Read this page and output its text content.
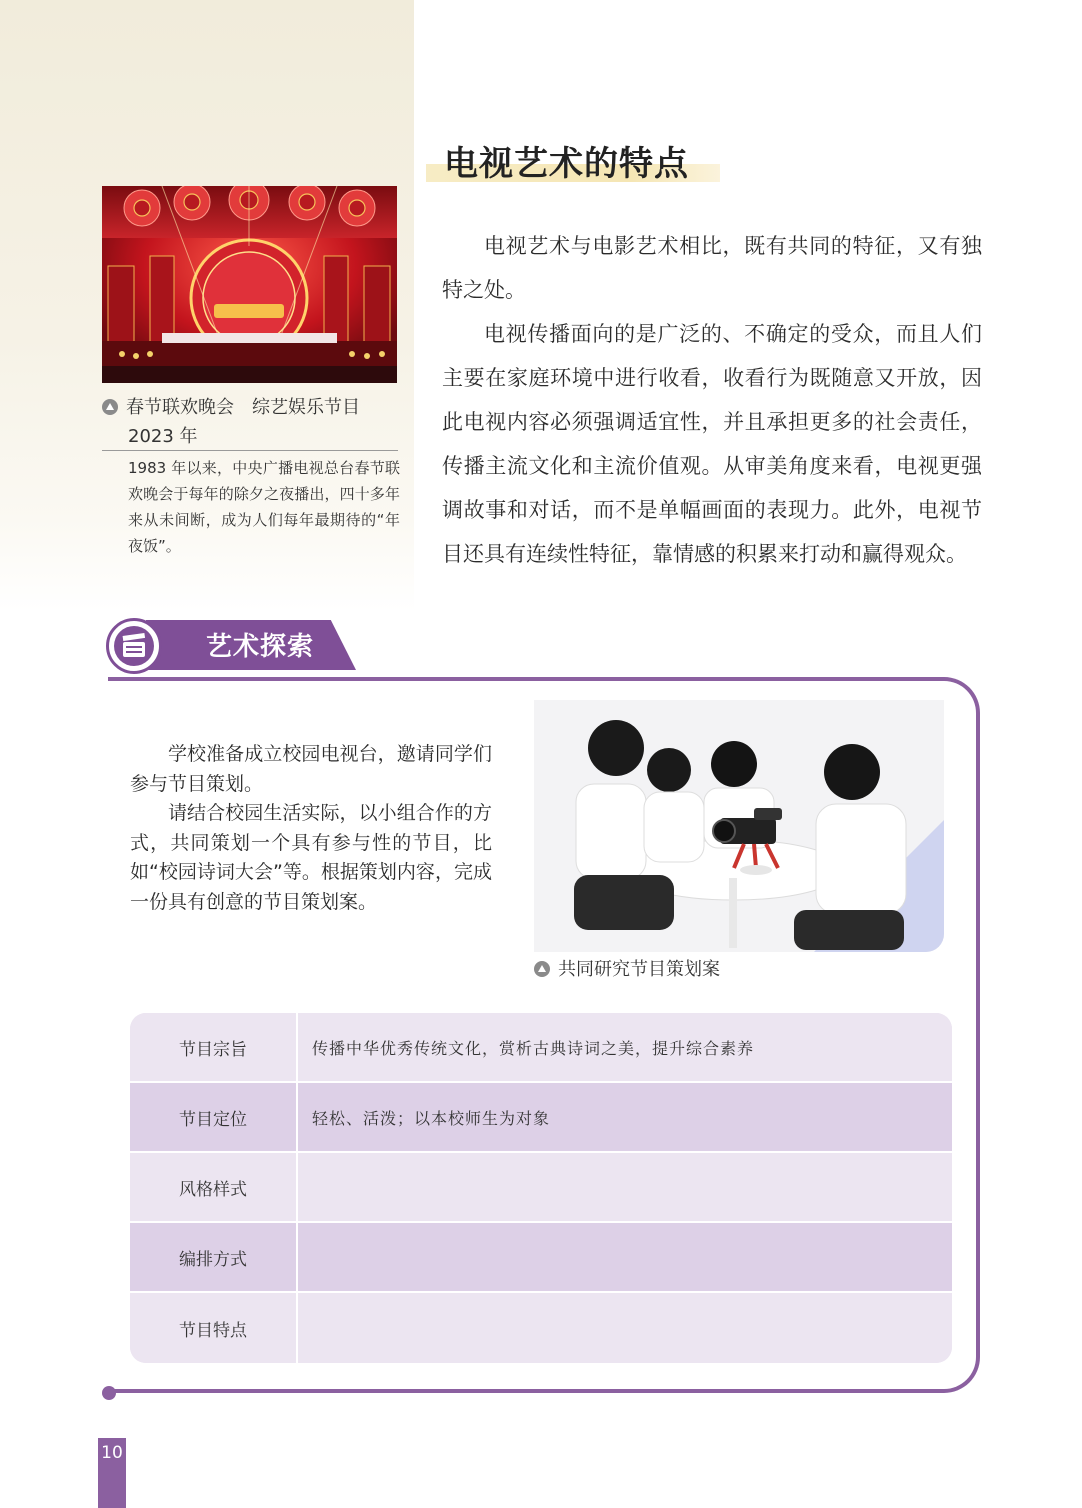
电视艺术的特点
春节联欢晚会　综艺娱乐节目
2023 年
1983 年以来，中央广播电视总台春节联欢晚会于每年的除夕之夜播出，四十多年来从未间断，成为人们每年最期待的“年夜饭”。

电视艺术与电影艺术相比，既有共同的特征，又有独特之处。

电视传播面向的是广泛的、不确定的受众，而且人们主要在家庭环境中进行收看，收看行为既随意又开放，因此电视内容必须强调适宜性，并且承担更多的社会责任，传播主流文化和主流价值观。从审美角度来看，电视更强调故事和对话，而不是单幅画面的表现力。此外，电视节目还具有连续性特征，靠情感的积累来打动和赢得观众。

艺术探索

学校准备成立校园电视台，邀请同学们参与节目策划。

请结合校园生活实际，以小组合作的方式，共同策划一个具有参与性的节目，比如“校园诗词大会”等。根据策划内容，完成一份具有创意的节目策划案。

共同研究节目策划案
节目宗旨	传播中华优秀传统文化，赏析古典诗词之美，提升综合素养
节目定位	轻松、活泼；以本校师生为对象
风格样式
编排方式
节目特点
10
